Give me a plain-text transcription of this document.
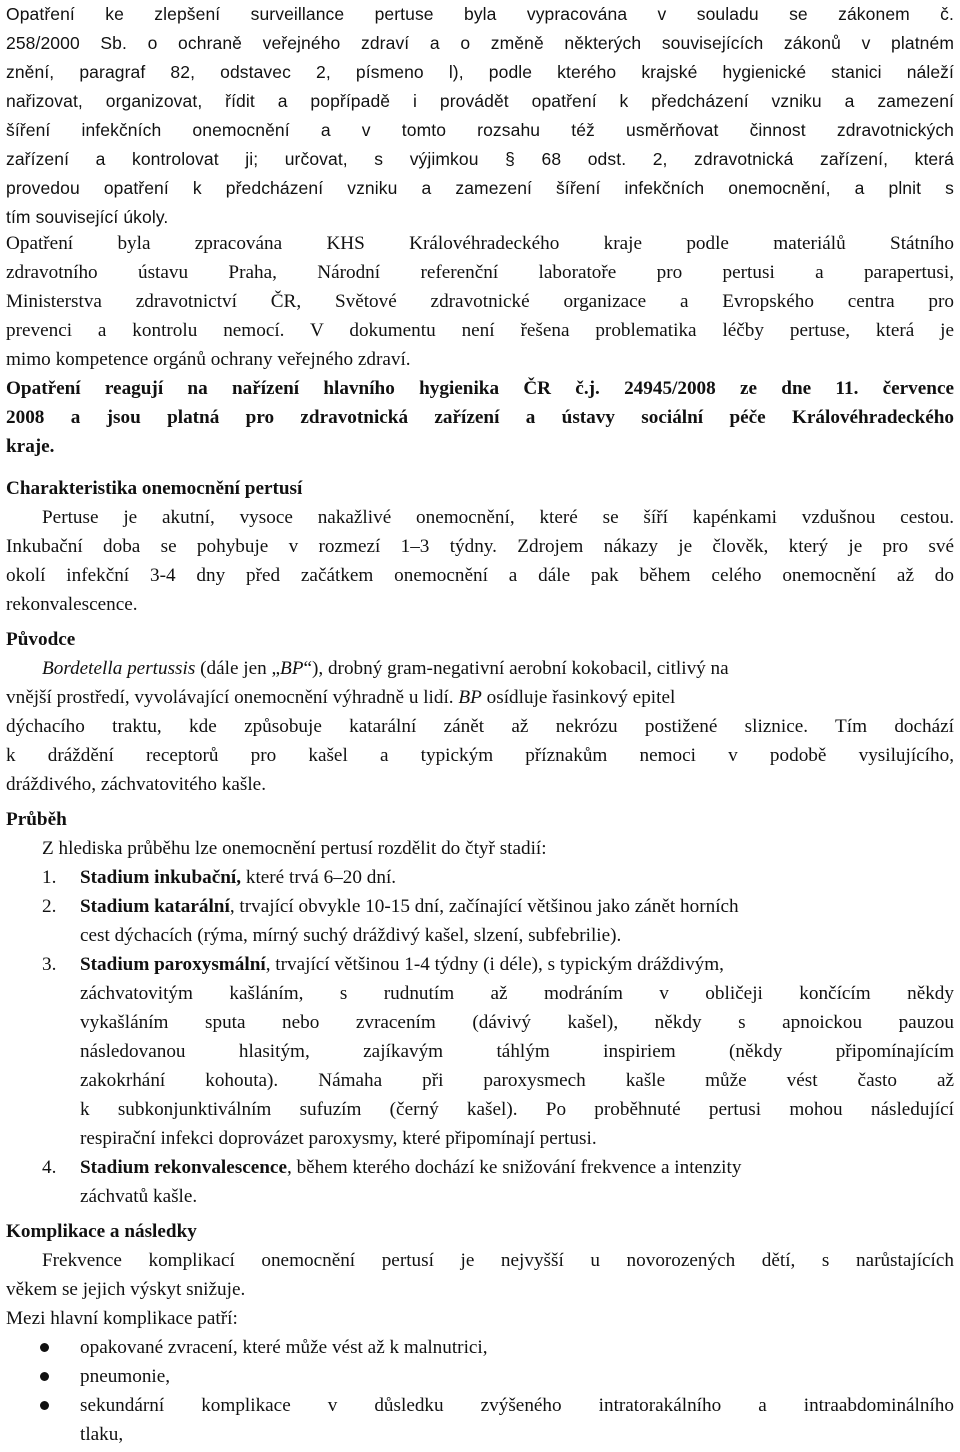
Opatření ke zlepšení surveillance pertuse byla vypracována v souladu se zákonem č.
258/2000 Sb. o ochraně veřejného zdraví a o změně některých souvisejících zákonů v platném
znění, paragraf 82, odstavec 2, písmeno l), podle kterého krajské hygienické stanici náleží
nařizovat, organizovat, řídit a popřípadě i provádět opatření k předcházení vzniku a zamezení
šíření infekčních onemocnění a v tomto rozsahu též usměrňovat činnost zdravotnických
zařízení a kontrolovat ji; určovat, s výjimkou § 68 odst. 2, zdravotnická zařízení, která
provedou opatření k předcházení vzniku a zamezení šíření infekčních onemocnění, a plnit s
tím související úkoly.
Opatření byla zpracována KHS Královéhradeckého kraje podle materiálů Státního
zdravotního ústavu Praha, Národní referenční laboratoře pro pertusi a parapertusi,
Ministerstva zdravotnictví ČR, Světové zdravotnické organizace a Evropského centra pro
prevenci a kontrolu nemocí. V dokumentu není řešena problematika léčby pertuse, která je
mimo kompetence orgánů ochrany veřejného zdraví.
Opatření reagují na nařízení hlavního hygienika ČR č.j. 24945/2008 ze dne 11. července
2008 a jsou platná pro zdravotnická zařízení a ústavy sociální péče Královéhradeckého
kraje.
Charakteristika onemocnění pertusí
Pertuse je akutní, vysoce nakažlivé onemocnění, které se šíří kapénkami vzdušnou cestou.
Inkubační doba se pohybuje v rozmezí 1–3 týdny. Zdrojem nákazy je člověk, který je pro své
okolí infekční 3-4 dny před začátkem onemocnění a dále pak během celého onemocnění až do
rekonvalescence.
Původce
Bordetella pertussis (dále jen „BP“), drobný gram-negativní aerobní kokobacil, citlivý na
vnější prostředí, vyvolávající onemocnění výhradně u lidí. BP osídluje řasinkový epitel
dýchacího traktu, kde způsobuje katarální zánět až nekrózu postižené sliznice. Tím dochází
k dráždění receptorů pro kašel a typickým příznakům nemoci v podobě vysilujícího,
dráždivého, záchvatovitého kašle.
Průběh
Z hlediska průběhu lze onemocnění pertusí rozdělit do čtyř stadií:
1.	Stadium inkubační, které trvá 6–20 dní.
2.	Stadium katarální, trvající obvykle 10-15 dní, začínající většinou jako zánět horních
cest dýchacích (rýma, mírný suchý dráždivý kašel, slzení, subfebrilie).
3.	Stadium paroxysmální, trvající většinou 1-4 týdny (i déle), s typickým dráždivým,
záchvatovitým kašláním, s rudnutím až modráním v obličeji končícím někdy
vykašláním sputa nebo zvracením (dávivý kašel), někdy s apnoickou pauzou
následovanou hlasitým, zajíkavým táhlým inspiriem (někdy připomínajícím
zakokrhání kohouta). Námaha při paroxysmech kašle může vést často až
k subkonjunktiválním sufuzím (černý kašel). Po proběhnuté pertusi mohou následující
respirační infekci doprovázet paroxysmy, které připomínají pertusi.
4.	Stadium rekonvalescence, během kterého dochází ke snižování frekvence a intenzity
záchvatů kašle.
Komplikace a následky
Frekvence komplikací onemocnění pertusí je nejvyšší u novorozených dětí, s narůstajících
věkem se jejich výskyt snižuje.
Mezi hlavní komplikace patří:
opakované zvracení, které může vést až k malnutrici,
pneumonie,
sekundární komplikace v důsledku zvýšeného intratorakálního a intraabdominálního
tlaku,
